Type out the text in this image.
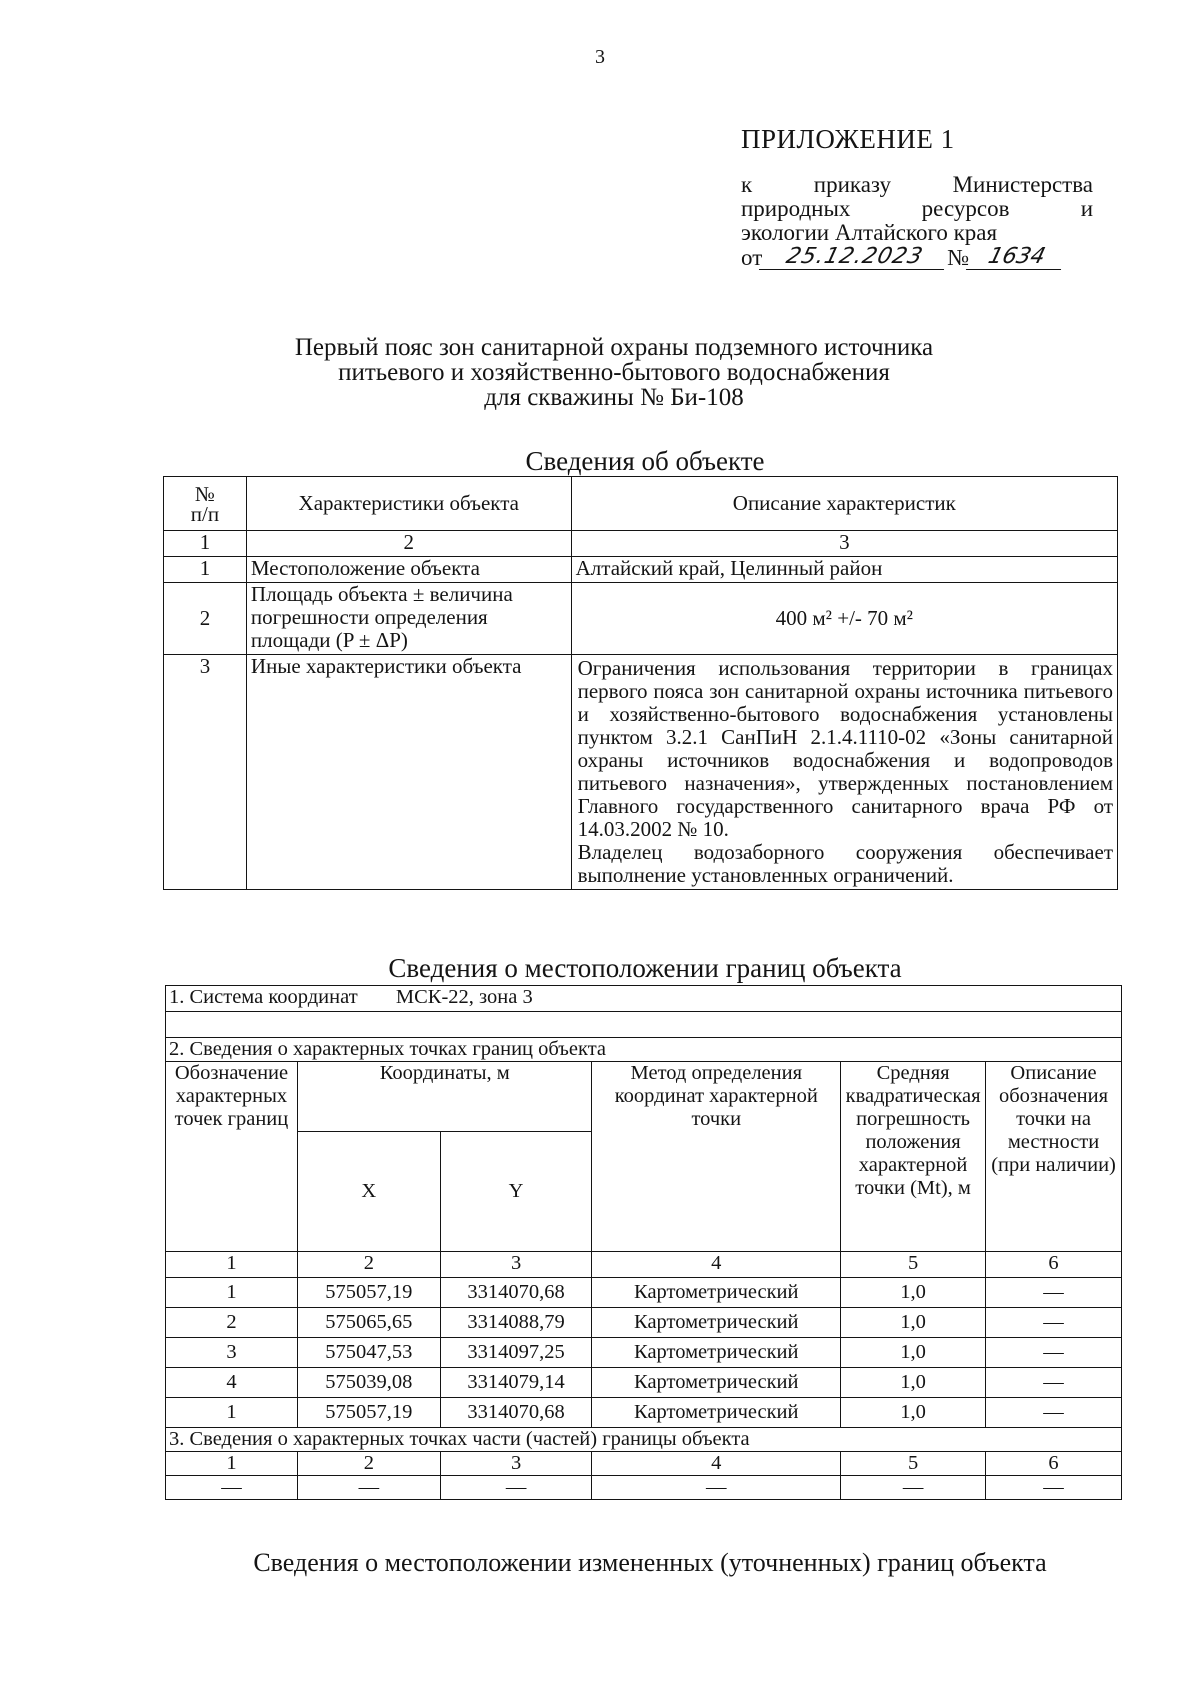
3
ПРИЛОЖЕНИЕ 1
к	приказу	Министерства
природных	ресурсов	и
экологии Алтайского края
от 25.12.2023 № 1634
Первый пояс зон санитарной охраны подземного источника
питьевого и хозяйственно-бытового водоснабжения
для скважины № Би-108
Сведения об объекте
№
п/п	Характеристики объекта	Описание характеристик
1	2	3
1	Местоположение объекта	Алтайский край, Целинный район
2	Площадь объекта ± величина
погрешности определения
площади (P ± ΔP)	400 м² +/- 70 м²
3	Иные характеристики объекта	Ограничения использования территории в границах первого пояса зон санитарной охраны источника питьевого и хозяйственно-бытового водоснабжения установлены пунктом 3.2.1 СанПиН 2.1.4.1110-02 «Зоны санитарной охраны источников водоснабжения и водопроводов питьевого назначения», утвержденных постановлением Главного государственного санитарного врача РФ от 14.03.2002 № 10.
Владелец водозаборного сооружения обеспечивает выполнение установленных ограничений.
Сведения о местоположении границ объекта
1. Система координат МСК-22, зона 3					

2. Сведения о характерных точках границ объекта					
Обозначение характерных точек границ	Координаты, м		Метод определения координат характерной точки	Средняя квадратическая погрешность положения характерной точки (Mt), м	Описание обозначения точки на местности (при наличии)
	X	Y			
1	2	3	4	5	6
1	575057,19	3314070,68	Картометрический	1,0	—
2	575065,65	3314088,79	Картометрический	1,0	—
3	575047,53	3314097,25	Картометрический	1,0	—
4	575039,08	3314079,14	Картометрический	1,0	—
1	575057,19	3314070,68	Картометрический	1,0	—
3. Сведения о характерных точках части (частей) границы объекта					
1	2	3	4	5	6
—	—	—	—	—	—
Сведения о местоположении измененных (уточненных) границ объекта
